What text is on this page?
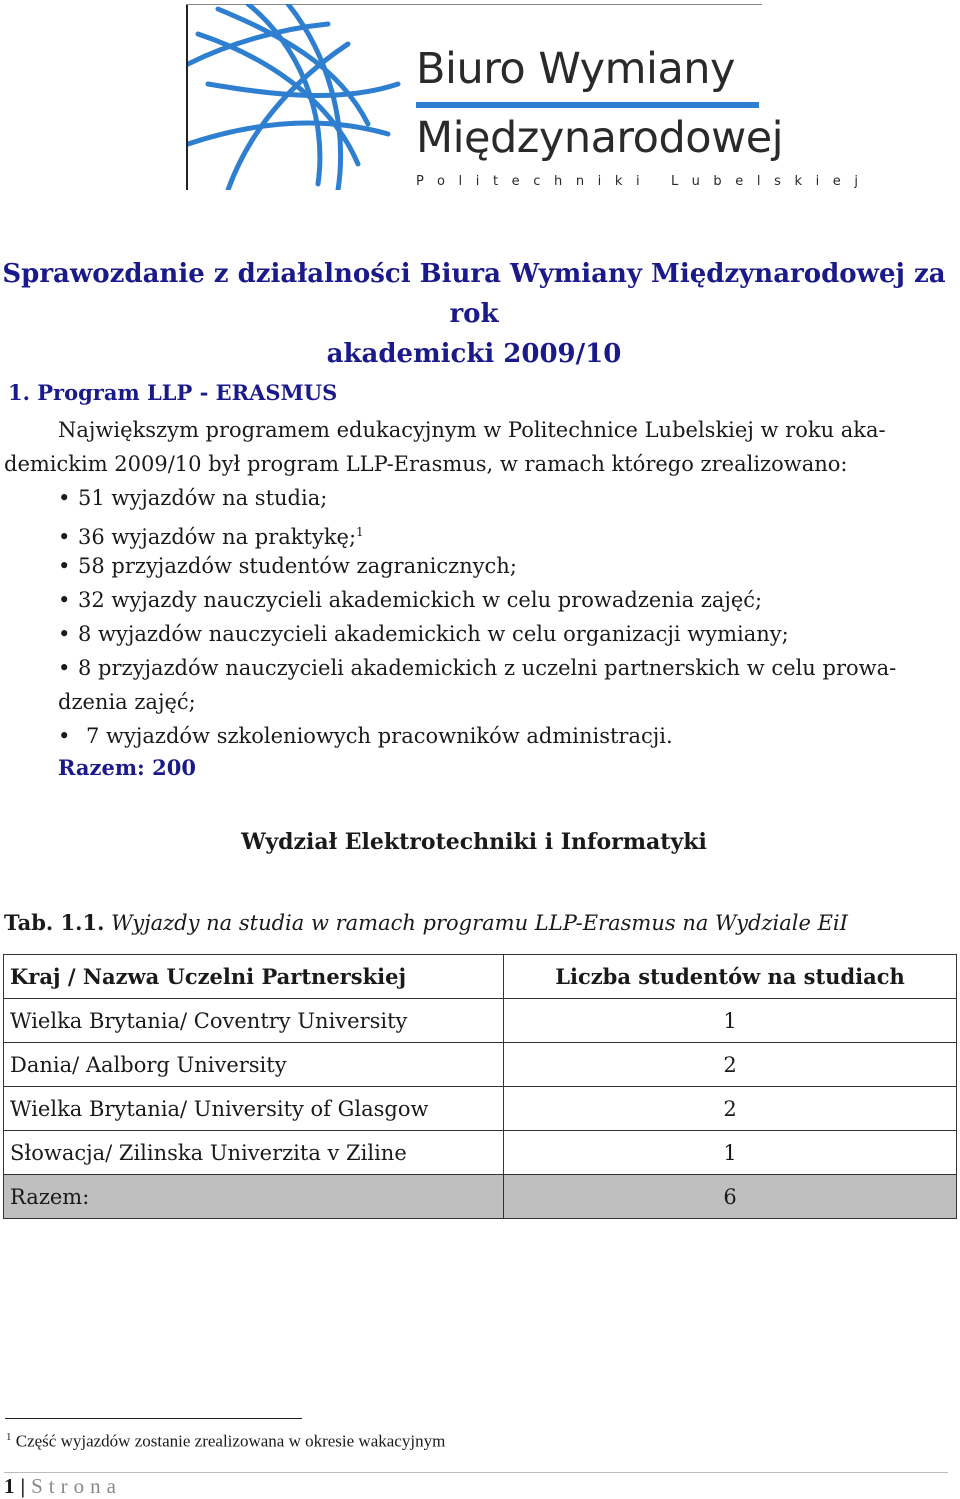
Biuro Wymiany
Międzynarodowej
Politechniki Lubelskiej
Sprawozdanie z działalności Biura Wymiany Międzynarodowej za rok
akademicki 2009/10
1. Program LLP - ERASMUS
Największym programem edukacyjnym w Politechnice Lubelskiej w roku aka-
demickim 2009/10 był program LLP-Erasmus, w ramach którego zrealizowano:
• 51 wyjazdów na studia;
• 36 wyjazdów na praktykę;$^1$
• 58 przyjazdów studentów zagranicznych;
• 32 wyjazdy nauczycieli akademickich w celu prowadzenia zajęć;
• 8 wyjazdów nauczycieli akademickich w celu organizacji wymiany;
• 8 przyjazdów nauczycieli akademickich z uczelni partnerskich w celu prowa-
dzenia zajęć;
• 7 wyjazdów szkoleniowych pracowników administracji.
Razem: 200
Wydział Elektrotechniki i Informatyki
Tab. 1.1. Wyjazdy na studia w ramach programu LLP-Erasmus na Wydziale EiI
Kraj / Nazwa Uczelni Partnerskiej	Liczba studentów na studiach
Wielka Brytania/ Coventry University	1
Dania/ Aalborg University	2
Wielka Brytania/ University of Glasgow	2
Słowacja/ Zilinska Univerzita v Ziline	1
Razem:	6
$^1$ Część wyjazdów zostanie zrealizowana w okresie wakacyjnym
1 | Strona
